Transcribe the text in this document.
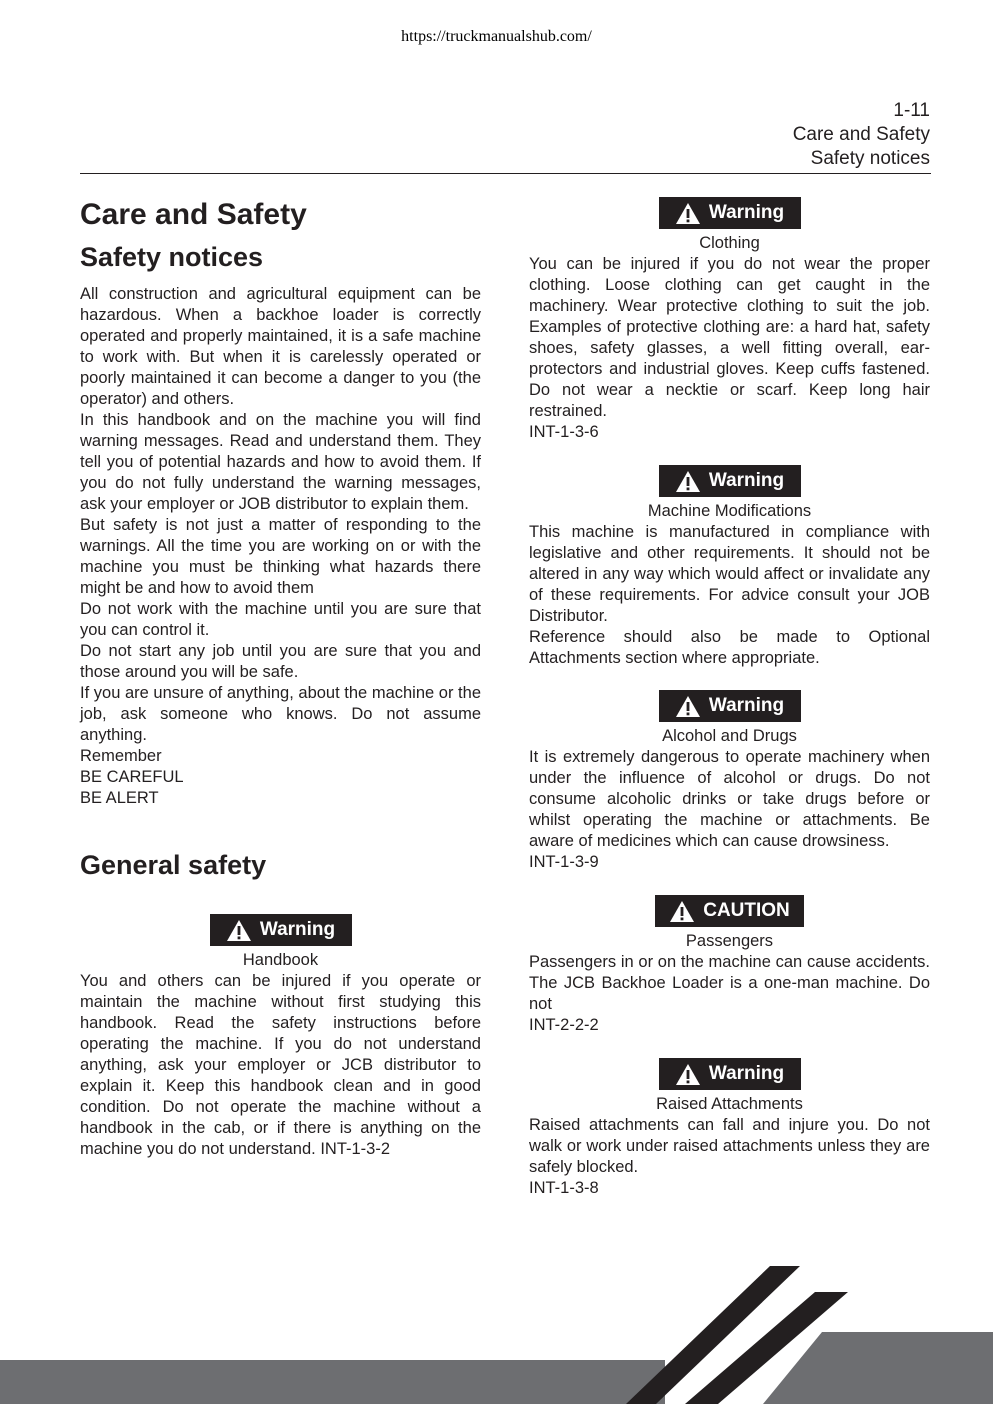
https://truckmanualshub.com/
1-11
Care and Safety
Safety notices
Care and Safety
Safety notices

All construction and agricultural equipment can be hazardous. When a backhoe loader is correctly operated and properly maintained, it is a safe machine to work with. But when it is carelessly operated or poorly maintained it can become a danger to you (the operator) and others.

In this handbook and on the machine you will find warning messages. Read and understand them. They tell you of potential hazards and how to avoid them. If you do not fully understand the warning messages, ask your employer or JOB distributor to explain them.

But safety is not just a matter of responding to the warnings. All the time you are working on or with the machine you must be thinking what hazards there might be and how to avoid them

Do not work with the machine until you are sure that you can control it.

Do not start any job until you are sure that you and those around you will be safe.

If you are unsure of anything, about the machine or the job, ask someone who knows. Do not assume anything.

Remember
BE CAREFUL
BE ALERT
General safety
Warning
Handbook

You and others can be injured if you operate or maintain the machine without first studying this handbook. Read the safety instructions before operating the machine. If you do not understand anything, ask your employer or JCB distributor to explain it. Keep this handbook clean and in good condition. Do not operate the machine without a handbook in the cab, or if there is anything on the machine you do not understand. INT-1-3-2

Warning
Clothing

You can be injured if you do not wear the proper clothing. Loose clothing can get caught in the machinery. Wear protective clothing to suit the job. Examples of protective clothing are: a hard hat, safety shoes, safety glasses, a well fitting overall, ear-protectors and industrial gloves. Keep cuffs fastened. Do not wear a necktie or scarf. Keep long hair restrained.

INT-1-3-6
Warning
Machine Modifications

This machine is manufactured in compliance with legislative and other requirements. It should not be altered in any way which would affect or invalidate any of these requirements. For advice consult your JOB Distributor.

Reference should also be made to Optional Attachments section where appropriate.

Warning
Alcohol and Drugs

It is extremely dangerous to operate machinery when under the influence of alcohol or drugs. Do not consume alcoholic drinks or take drugs before or whilst operating the machine or attachments. Be aware of medicines which can cause drowsiness.

INT-1-3-9
CAUTION
Passengers

Passengers in or on the machine can cause accidents. The JCB Backhoe Loader is a one-man machine. Do not

INT-2-2-2
Warning
Raised Attachments

Raised attachments can fall and injure you. Do not walk or work under raised attachments unless they are safely blocked.

INT-1-3-8
